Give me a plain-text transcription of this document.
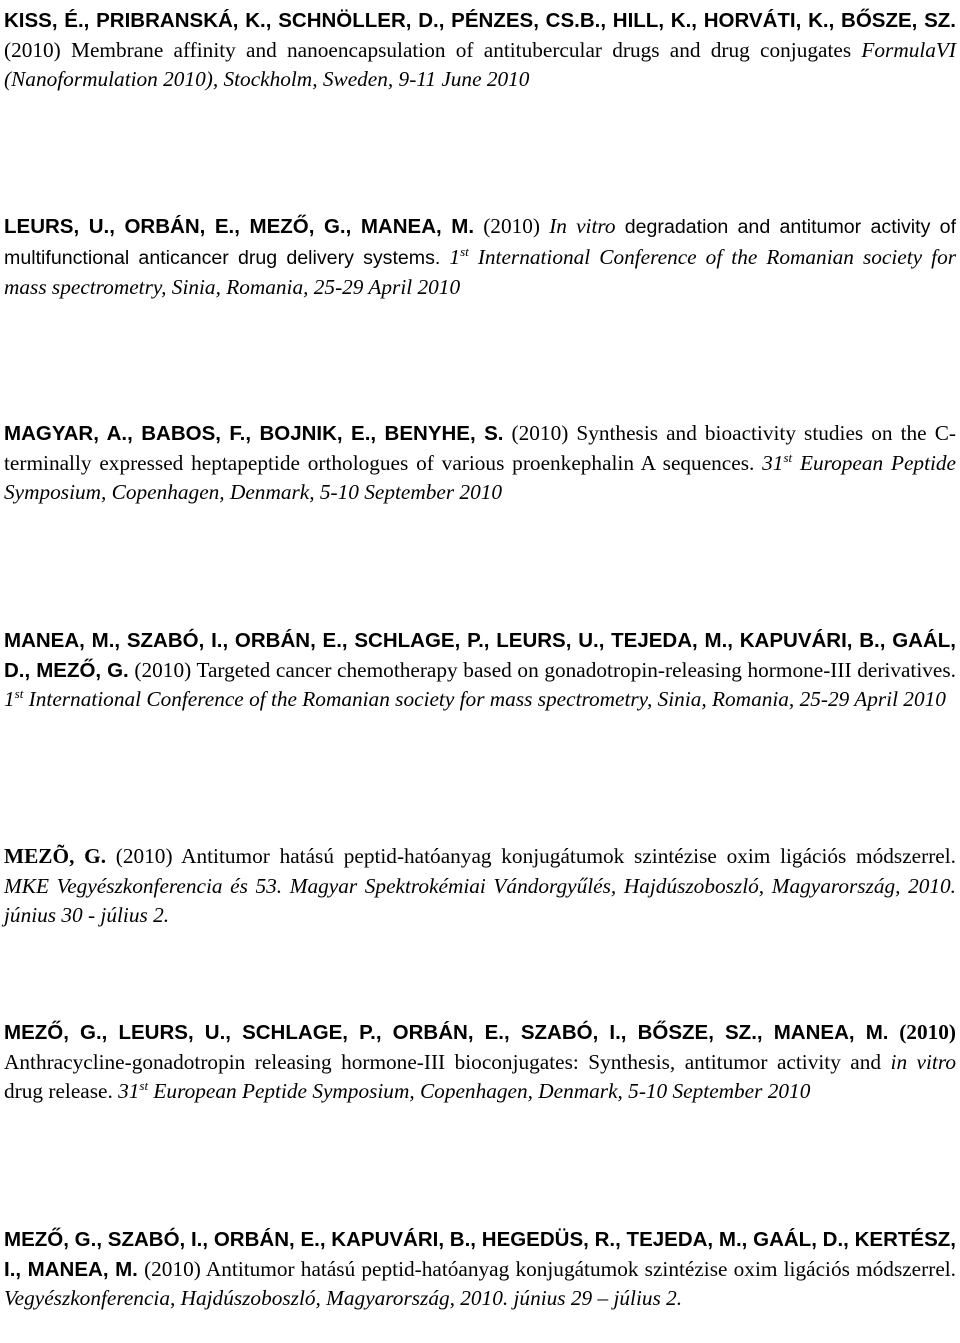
KISS, É., PRIBRANSKÁ, K., SCHNÖLLER, D., PÉNZES, CS.B., HILL, K., HORVÁTI, K., BŐSZE, SZ. (2010) Membrane affinity and nanoencapsulation of antitubercular drugs and drug conjugates FormulaVI (Nanoformulation 2010), Stockholm, Sweden, 9-11 June 2010

LEURS, U., ORBÁN, E., MEZŐ, G., MANEA, M. (2010) In vitro degradation and antitumor activity of multifunctional anticancer drug delivery systems. 1st International Conference of the Romanian society for mass spectrometry, Sinia, Romania, 25-29 April 2010

MAGYAR, A., BABOS, F., BOJNIK, E., BENYHE, S. (2010) Synthesis and bioactivity studies on the C-terminally expressed heptapeptide orthologues of various proenkephalin A sequences. 31st European Peptide Symposium, Copenhagen, Denmark, 5-10 September 2010

MANEA, M., SZABÓ, I., ORBÁN, E., SCHLAGE, P., LEURS, U., TEJEDA, M., KAPUVÁRI, B., GAÁL, D., MEZŐ, G. (2010) Targeted cancer chemotherapy based on gonadotropin-releasing hormone-III derivatives. 1st International Conference of the Romanian society for mass spectrometry, Sinia, Romania, 25-29 April 2010

MEZÕ, G. (2010) Antitumor hatású peptid-hatóanyag konjugátumok szintézise oxim ligációs módszerrel. MKE Vegyészkonferencia és 53. Magyar Spektrokémiai Vándorgyűlés, Hajdúszoboszló, Magyarország, 2010. június 30 - július 2.

MEZŐ, G., LEURS, U., SCHLAGE, P., ORBÁN, E., SZABÓ, I., BŐSZE, SZ., MANEA, M. (2010) Anthracycline-gonadotropin releasing hormone-III bioconjugates: Synthesis, antitumor activity and in vitro drug release. 31st European Peptide Symposium, Copenhagen, Denmark, 5-10 September 2010

MEZŐ, G., SZABÓ, I., ORBÁN, E., KAPUVÁRI, B., HEGEDÜS, R., TEJEDA, M., GAÁL, D., KERTÉSZ, I., MANEA, M. (2010) Antitumor hatású peptid-hatóanyag konjugátumok szintézise oxim ligációs módszerrel. Vegyészkonferencia, Hajdúszoboszló, Magyarország, 2010. június 29 – július 2.
